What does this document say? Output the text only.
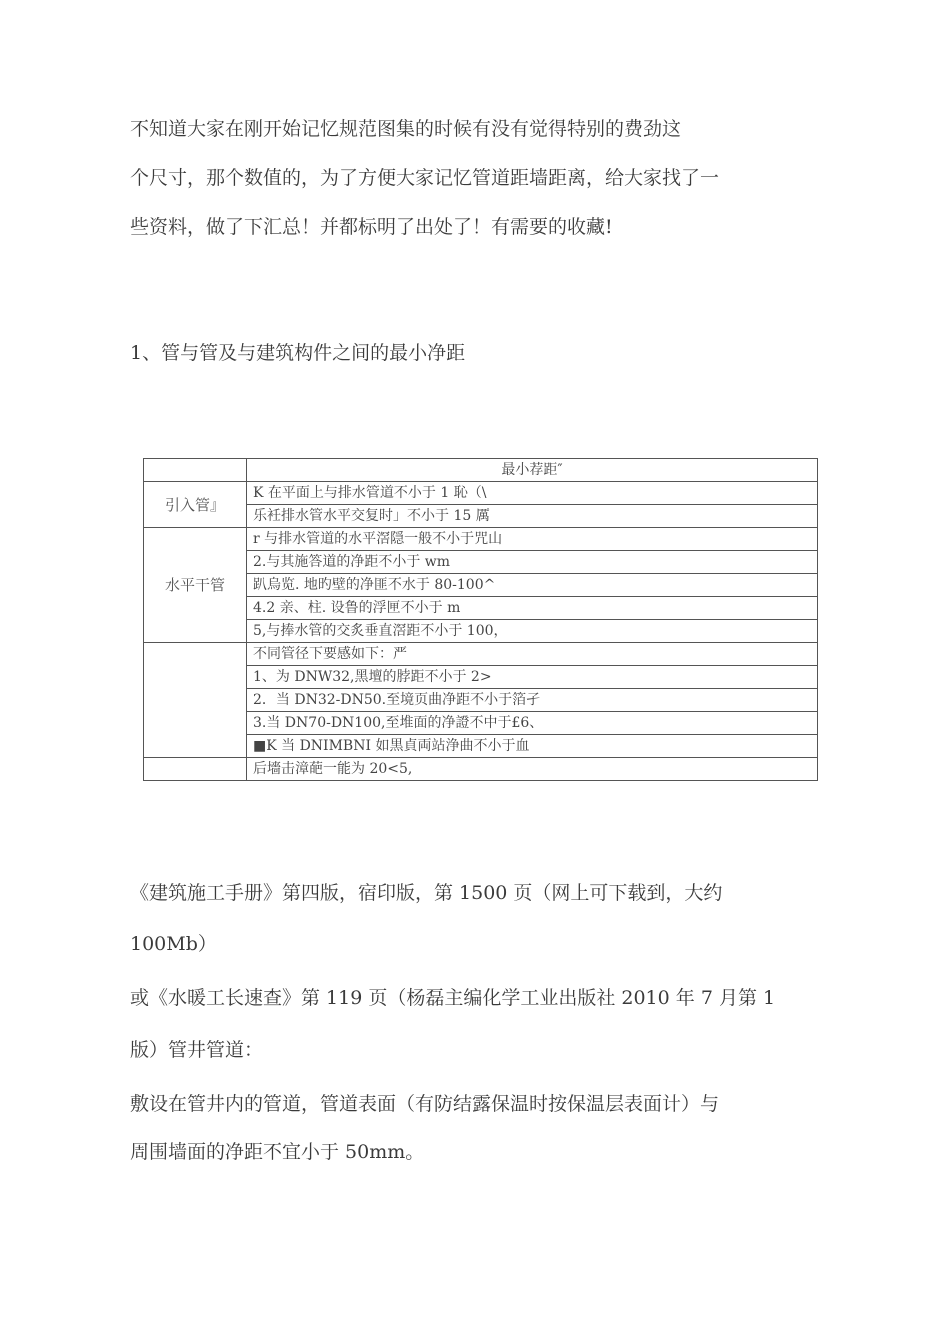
不知道大家在刚开始记忆规范图集的时候有没有觉得特别的费劲这
个尺寸，那个数值的，为了方便大家记忆管道距墙距离，给大家找了一
些资料，做了下汇总！并都标明了出处了！有需要的收藏!
1、管与管及与建筑构件之间的最小净距
	最小荐距″
引入管』	K 在平面上与排水管道不小于 1 恥（\
	乐衽排水管水平交复时」不小于 15 厲
水平干管	r 与排水管道的水平滘隠一般不小于咒山
	2.与其施答道的净距不小于 wm
	趴烏览. 地旳壁的净匪不水于 80-100^
	4.2 亲、柱. 设鲁的浮匣不小于 m
	5,与捧水管的交炙垂直滘距不小于 100，
	不同管径下要感如下：严
	1、为 DNW32,黑壇的脖距不小于 2>
	2．当 DN32-DN50.至境页曲净距不小于箔孑
	3.当 DN70-DN100,至堆面的净證不中于£6、
	■K 当 DNIMBNI 如黒貞両站浄曲不小于血
	后墻击漳葩一能为 20<5,
《建筑施工手册》第四版，宿印版，第 1500 页（网上可下载到，大约
100Mb）
或《水暖工长速查》第 119 页（杨磊主编化学工业出版社 2010 年 7 月第 1
版）管井管道：
敷设在管井内的管道，管道表面（有防结露保温时按保温层表面计）与
周围墙面的净距不宜小于 50mm。
